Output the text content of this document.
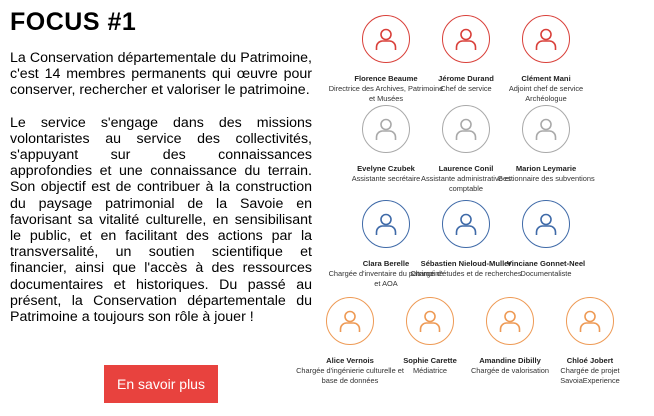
FOCUS #1

La Conservation départementale du Patrimoine, c'est 14 membres permanents qui œuvre pour conserver, rechercher et valoriser le patrimoine.

Le service s'engage dans des missions volontaristes au service des collectivités, s'appuyant sur des connaissances approfondies et une connaissance du terrain. Son objectif est de contribuer à la construction du paysage patrimonial de la Savoie en favorisant sa vitalité culturelle, en sensibilisant le public, et en facilitant des actions par la transversalité, un soutien scientifique et financier, ainsi que l'accès à des ressources documentaires et historiques. Du passé au présent, la Conservation départementale du Patrimoine a toujours son rôle à jouer !

En savoir plus
Florence Beaume
Directrice des Archives, Patrimoine et Musées
Jérome Durand
Chef de service
Clément Mani
Adjoint chef de service Archéologue
Evelyne Czubek
Assistante secrétaire
Laurence Conil
Assistante administrative et comptable
Marion Leymarie
Gestionnaire des subventions
Clara Berelle
Chargée d'inventaire du patrimoine et AOA
Sébastien Nieloud-Muller
Chargé d'études et de recherches
Vinciane Gonnet-Neel
Documentaliste
Alice Vernois
Chargée d'ingénierie culturelle et base de données
Sophie Carette
Médiatrice
Amandine Dibilly
Chargée de valorisation
Chloé Jobert
Chargée de projet SavoiaExperience
